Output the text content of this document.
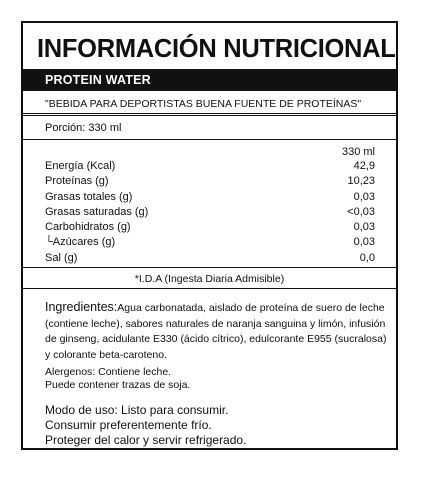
INFORMACIÓN NUTRICIONAL
PROTEIN WATER
"BEBIDA PARA DEPORTISTAS BUENA FUENTE DE PROTEÍNAS"
Porción: 330 ml
330 ml
Energía (Kcal)	42,9
Proteínas (g)	10,23
Grasas totales (g)	0,03
Grasas saturadas (g)	<0,03
Carbohidratos (g)	0,03
└Azúcares (g)	0,03
Sal (g)	0,0
*I.D.A (Ingesta Diaria Admisible)
Ingredientes:Agua carbonatada, aislado de proteína de suero de leche
(contiene leche), sabores naturales de naranja sanguina y limón, infusión
de ginseng, acidulante E330 (ácido cítrico), edulcorante E955 (sucralosa)
y colorante beta-caroteno.
Alergenos: Contiene leche.
Puede contener trazas de soja.
Modo de uso: Listo para consumir.
Consumir preferentemente frío.
Proteger del calor y servir refrigerado.
